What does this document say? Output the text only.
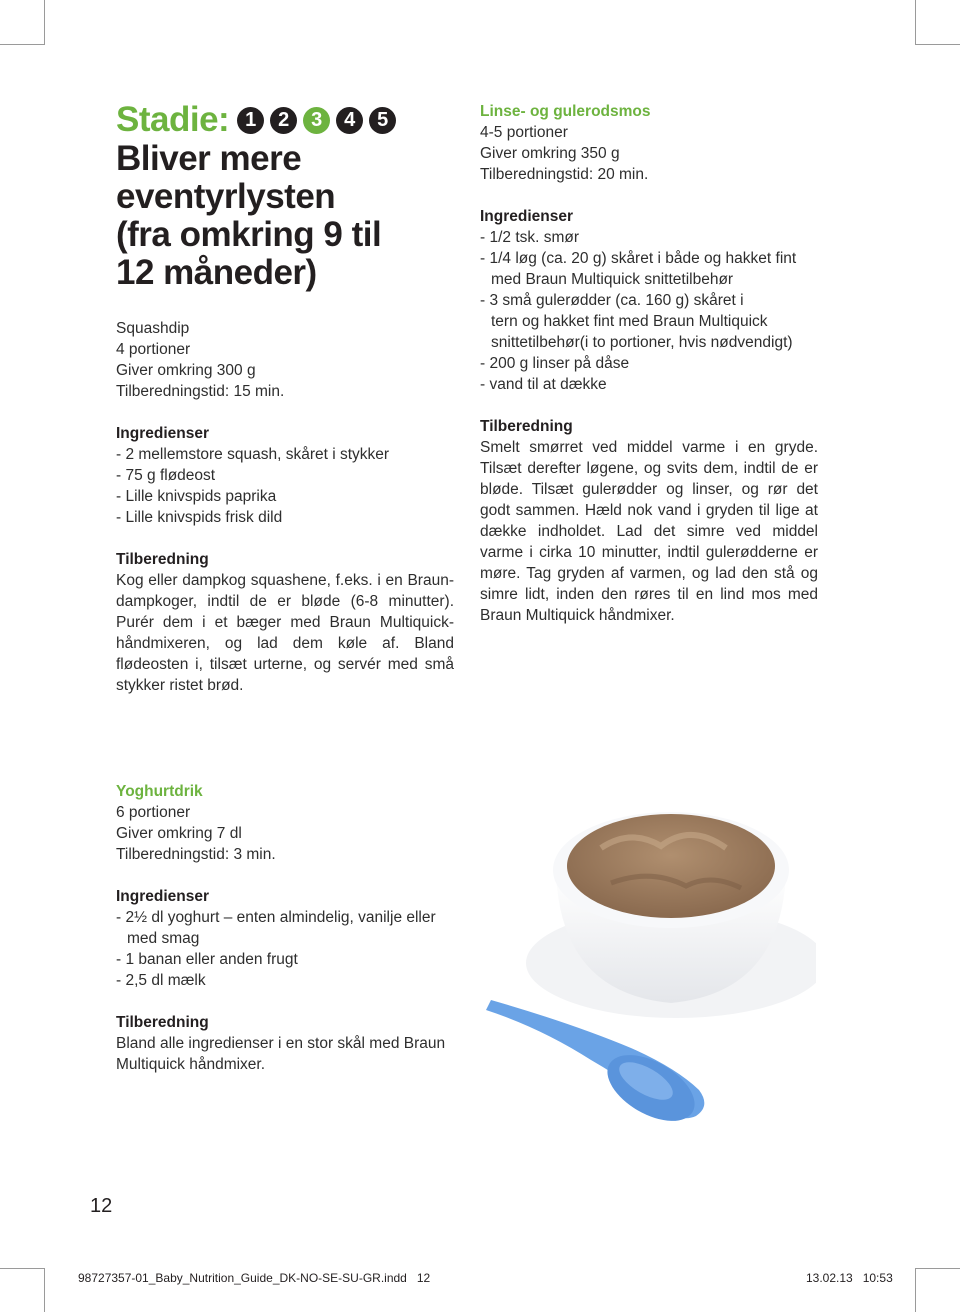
Stadie: 1	2	3	4	5
Bliver mere
eventyrlysten
(fra omkring 9 til
12 måneder)

Squashdip

4 portioner

Giver omkring 300 g

Tilberedningstid: 15 min.

Ingredienser

- 2 mellemstore squash, skåret i stykker

- 75 g flødeost

- Lille knivspids paprika

- Lille knivspids frisk dild

Tilberedning

Kog eller dampkog squashene, f.eks. i en Braun-dampkoger, indtil de er bløde (6-8 minutter). Purér dem i et bæger med Braun Multiquick-håndmixeren, og lad dem køle af. Bland flødeosten i, tilsæt urterne, og servér med små stykker ristet brød.

Linse- og gulerodsmos

4-5 portioner

Giver omkring 350 g

Tilberedningstid: 20 min.

Ingredienser

- 1/2 tsk. smør

- 1/4 løg (ca. 20 g) skåret i både og hakket fint

med Braun Multiquick snittetilbehør

- 3 små gulerødder (ca. 160 g) skåret i

tern og hakket fint med Braun Multiquick

snittetilbehør(i to portioner, hvis nødvendigt)

- 200 g linser på dåse

- vand til at dække

Tilberedning

Smelt smørret ved middel varme i en gryde. Tilsæt derefter løgene, og svits dem, indtil de er bløde. Tilsæt gulerødder og linser, og rør det godt sammen. Hæld nok vand i gryden til lige at dække indholdet. Lad det simre ved middel varme i cirka 10 minutter, indtil gulerødderne er møre. Tag gryden af varmen, og lad den stå og simre lidt, inden den røres til en lind mos med Braun Multiquick håndmixer.

Yoghurtdrik

6 portioner

Giver omkring 7 dl

Tilberedningstid: 3 min.

Ingredienser

- 2½ dl yoghurt – enten almindelig, vanilje eller

med smag

- 1 banan eller anden frugt

- 2,5 dl mælk

Tilberedning

Bland alle ingredienser i en stor skål med Braun Multiquick håndmixer.

12
98727357-01_Baby_Nutrition_Guide_DK-NO-SE-SU-GR.indd   12	13.02.13   10:53
